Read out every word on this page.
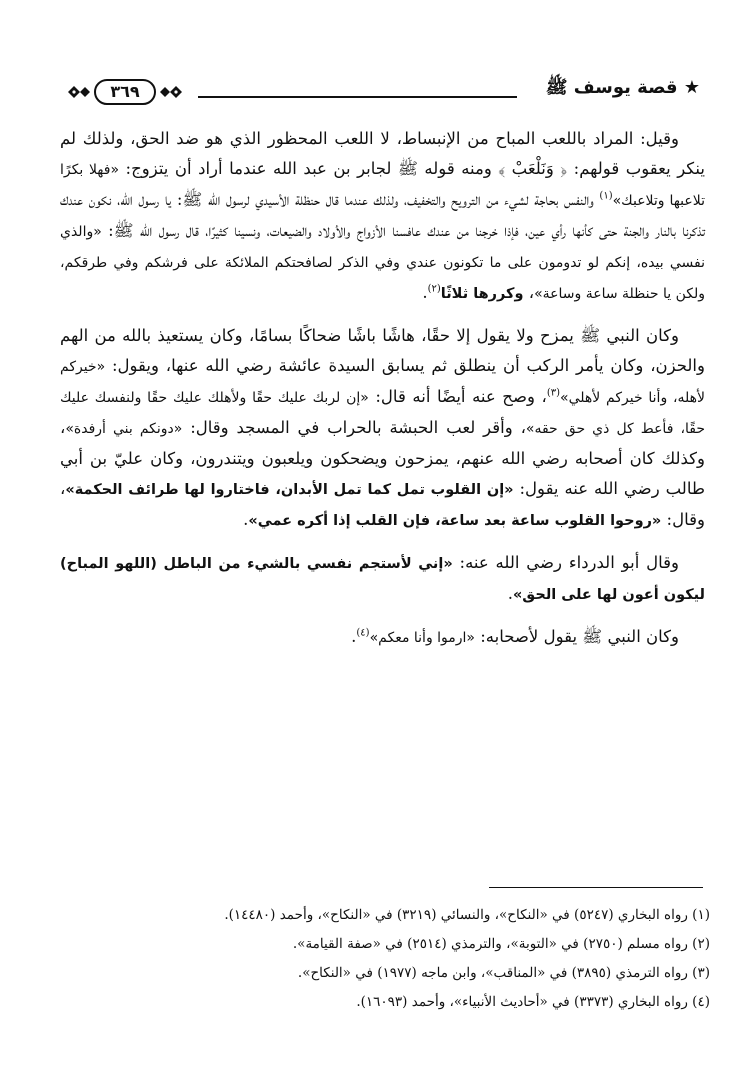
★ قصة يوسف ﷺ
٣٦٩

وقيل: المراد باللعب المباح من الإنبساط، لا اللعب المحظور الذي هو ضد الحق، ولذلك لم ينكر يعقوب قولهم: ﴿ وَنَلْعَبْ ﴾ ومنه قوله ﷺ لجابر بن عبد الله عندما أراد أن يتزوج: «فهلا بكرًا تلاعبها وتلاعبك»$^{(١)}$ والنفس بحاجة لشيء من الترويح والتخفيف، ولذلك عندما قال حنظلة الأسيدي لرسول الله ﷺ: يا رسول الله، نكون عندك تذكرنا بالنار والجنة حتى كأنها رأي عين، فإذا خرجنا من عندك عافسنا الأزواج والأولاد والضيعات، ونسينا كثيرًا، قال رسول الله ﷺ: «والذي نفسي بيده، إنكم لو تدومون على ما تكونون عندي وفي الذكر لصافحتكم الملائكة على فرشكم وفي طرقكم، ولكن يا حنظلة ساعة وساعة»، وكررها ثلاثًا$^{(٢)}$.

وكان النبي ﷺ يمزح ولا يقول إلا حقًا، هاشًا باشًا ضحاكًا بسامًا، وكان يستعيذ بالله من الهم والحزن، وكان يأمر الركب أن ينطلق ثم يسابق السيدة عائشة رضي الله عنها، ويقول: «خيركم لأهله، وأنا خيركم لأهلي»$^{(٣)}$، وصح عنه أيضًا أنه قال: «إن لربك عليك حقًا ولأهلك عليك حقًا ولنفسك عليك حقًا، فأعط كل ذي حق حقه»، وأقر لعب الحبشة بالحراب في المسجد وقال: «دونكم بني أرفدة»، وكذلك كان أصحابه رضي الله عنهم، يمزحون ويضحكون ويلعبون ويتندرون، وكان عليّ بن أبي طالب رضي الله عنه يقول: «إن القلوب تمل كما تمل الأبدان، فاختاروا لها طرائف الحكمة»، وقال: «روحوا القلوب ساعة بعد ساعة، فإن القلب إذا أكره عمي».

وقال أبو الدرداء رضي الله عنه: «إني لأستجم نفسي بالشيء من الباطل (اللهو المباح) ليكون أعون لها على الحق».

وكان النبي ﷺ يقول لأصحابه: «ارموا وأنا معكم»$^{(٤)}$.

(١) رواه البخاري (٥٢٤٧) في «النكاح»، والنسائي (٣٢١٩) في «النكاح»، وأحمد (١٤٤٨٠).
(٢) رواه مسلم (٢٧٥٠) في «التوبة»، والترمذي (٢٥١٤) في «صفة القيامة».
(٣) رواه الترمذي (٣٨٩٥) في «المناقب»، وابن ماجه (١٩٧٧) في «النكاح».
(٤) رواه البخاري (٣٣٧٣) في «أحاديث الأنبياء»، وأحمد (١٦٠٩٣).
